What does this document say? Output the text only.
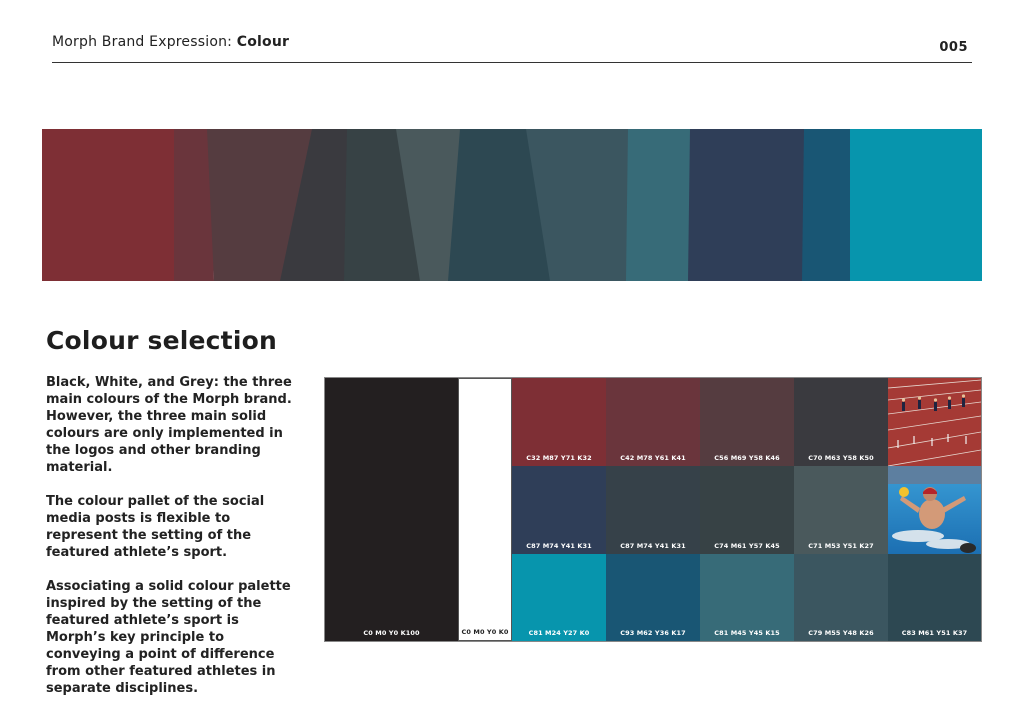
Morph Brand Expression: Colour	005
Colour selection

Black, White, and Grey: the three main colours of the Morph brand. However, the three main solid colours are only implemented in the logos and other branding material.

The colour pallet of the social media posts is flexible to represent the setting of the featured athlete’s sport.

Associating a solid colour palette inspired by the setting of the featured athlete’s sport is Morph’s key principle to conveying a point of difference from other featured athletes in separate disciplines.

C0 M0 Y0 K100	C0 M0 Y0 K0
C32 M87 Y71 K32	C42 M78 Y61 K41	C56 M69 Y58 K46	C70 M63 Y58 K50
C87 M74 Y41 K31	C87 M74 Y41 K31	C74 M61 Y57 K45	C71 M53 Y51 K27
C81 M24 Y27 K0	C93 M62 Y36 K17	C81 M45 Y45 K15	C79 M55 Y48 K26	C83 M61 Y51 K37
